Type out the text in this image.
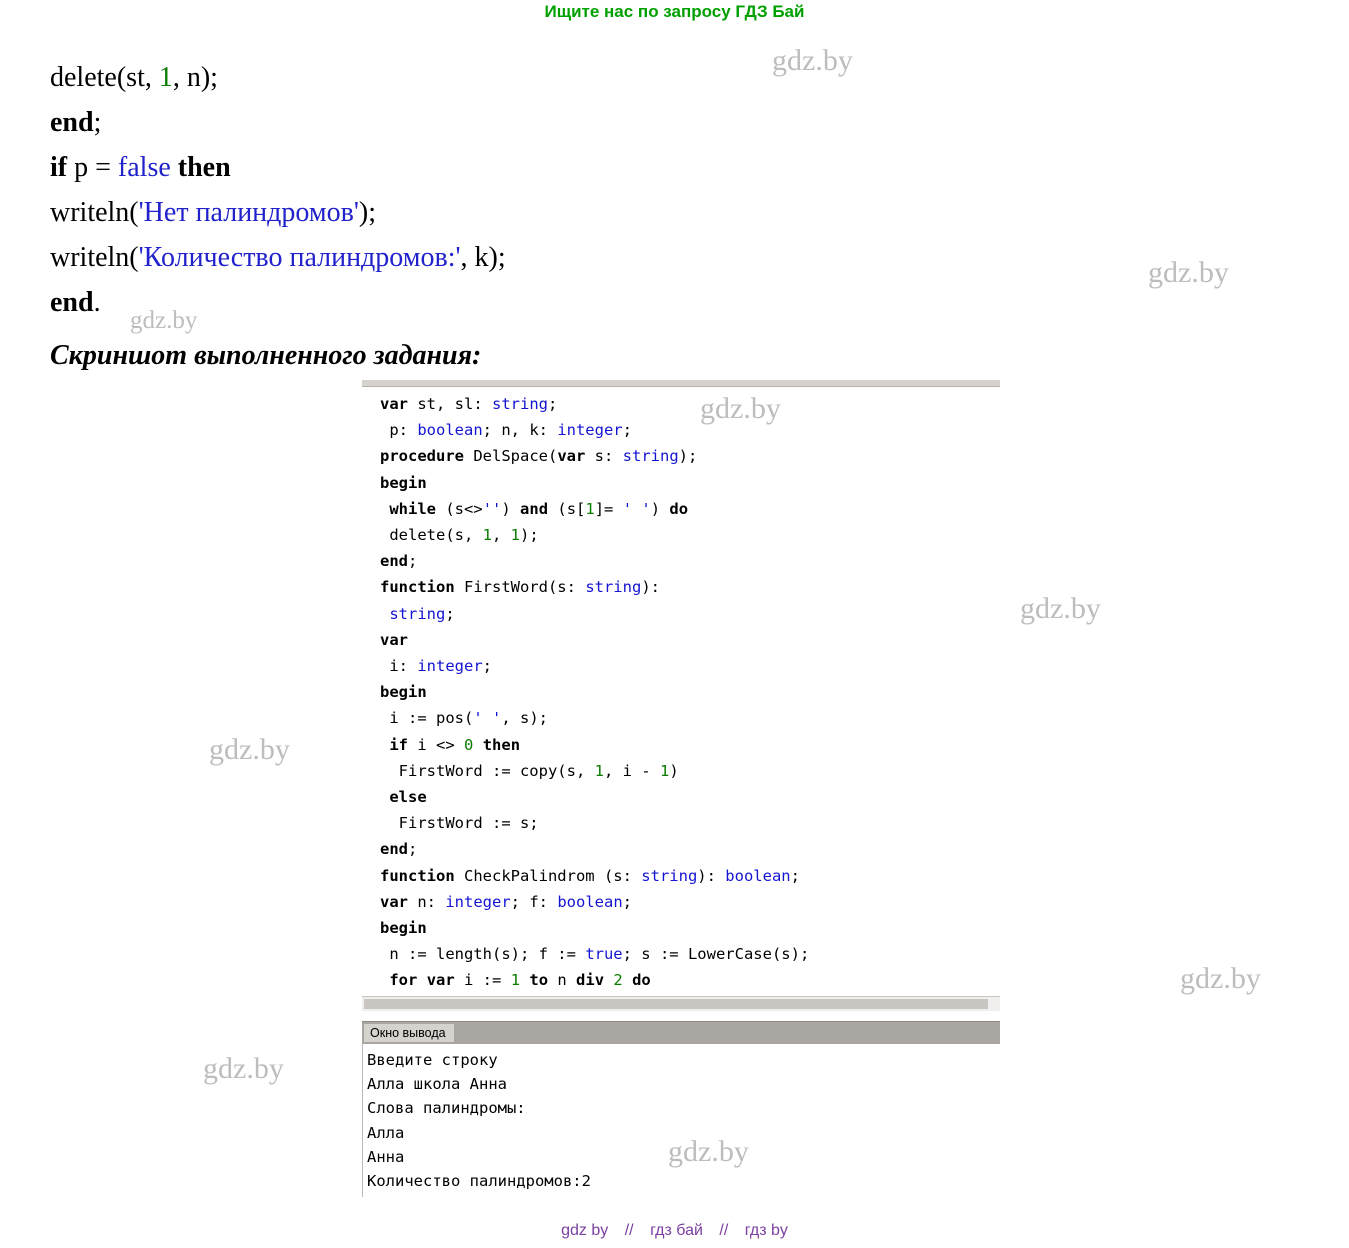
Ищите нас по запросу ГДЗ Бай
delete(st, 1, n);
end;
if p = false then
writeln('Нет палиндромов');
writeln('Количество палиндромов:', k);
end.
Скриншот выполненного задания:
var st, sl: string;
p: boolean; n, k: integer;
procedure DelSpace(var s: string);
begin
while (s<>'') and (s[1]= ' ') do
delete(s, 1, 1);
end;
function FirstWord(s: string):
string;
var
i: integer;
begin
i := pos(' ', s);
if i <> 0 then
FirstWord := copy(s, 1, i - 1)
else
FirstWord := s;
end;
function CheckPalindrom (s: string): boolean;
var n: integer; f: boolean;
begin
n := length(s); f := true; s := LowerCase(s);
for var i := 1 to n div 2 do
Окно вывода
Введите строку
Алла школа Анна
Слова палиндромы:
Алла
Анна
Количество палиндромов:2
gdz.by
gdz.by
gdz.by
gdz.by
gdz.by
gdz.by
gdz.by
gdz.by
gdz.by
gdz by // гдз бай // гдз by
